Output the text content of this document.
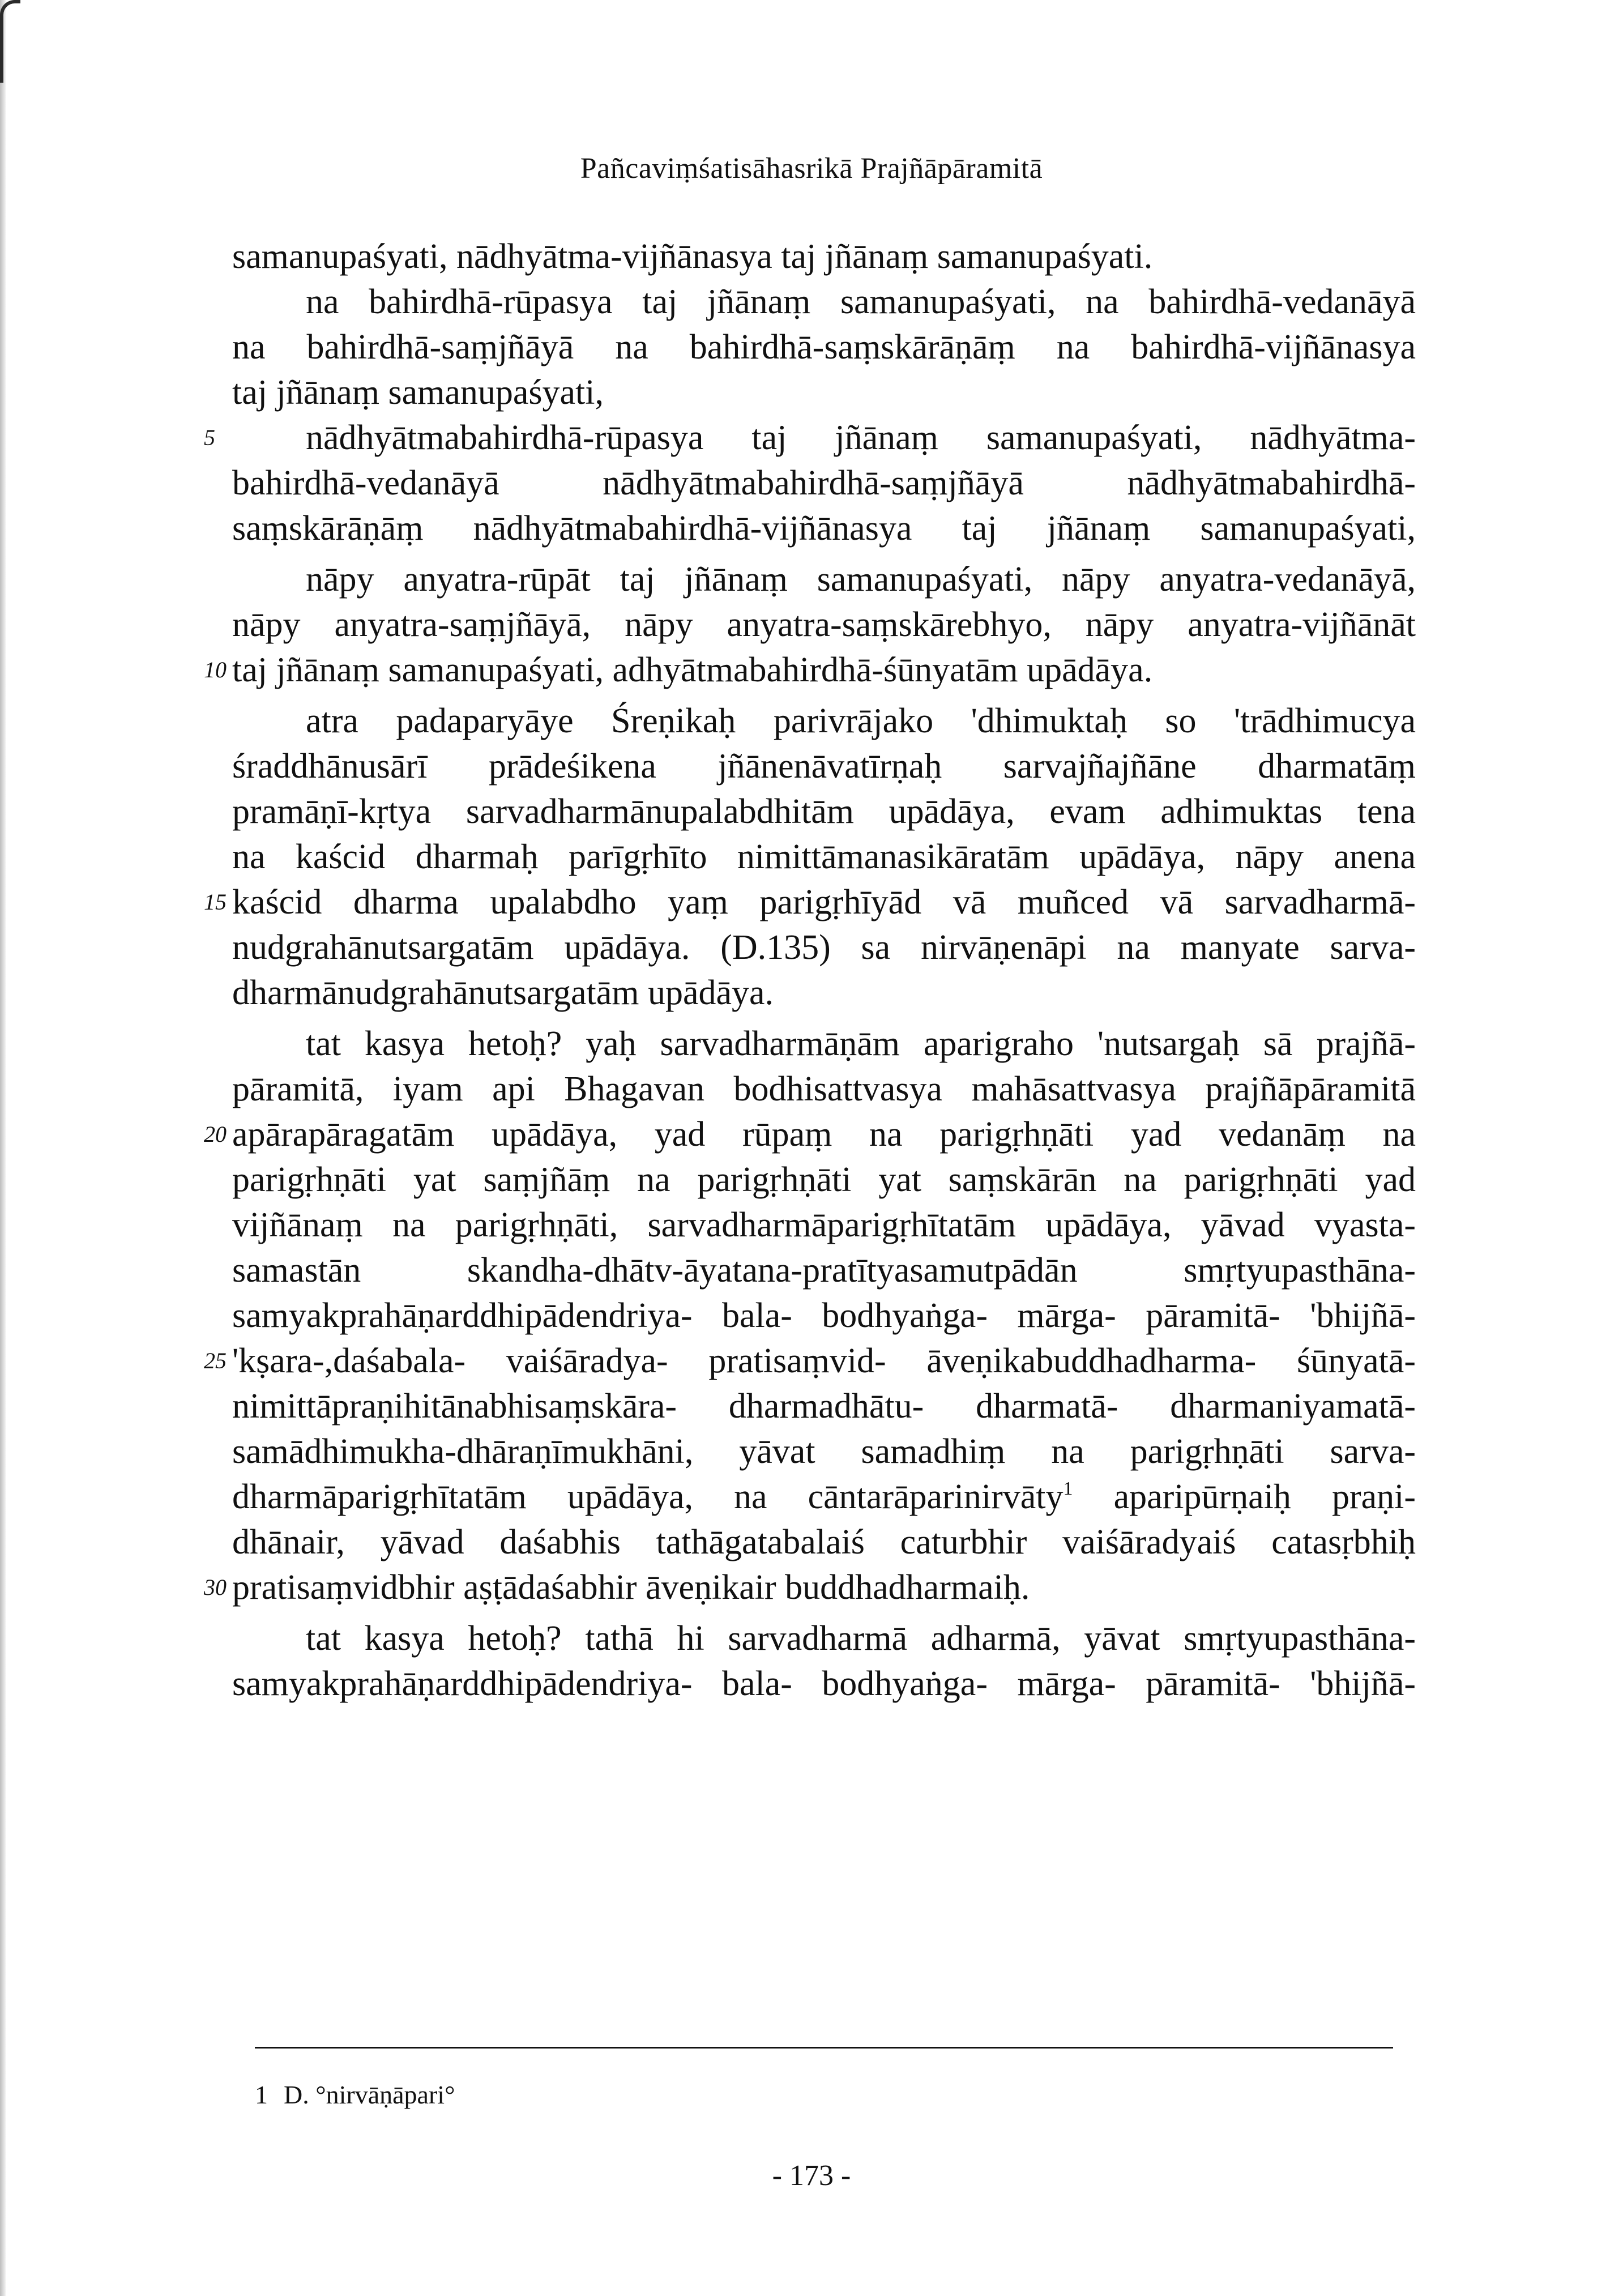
Pañcaviṃśatisāhasrikā Prajñāpāramitā
samanupaśyati, nādhyātma-vijñānasya taj jñānaṃ samanupaśyati.
na bahirdhā-rūpasya taj jñānaṃ samanupaśyati, na bahirdhā-vedanāyā
na bahirdhā-saṃjñāyā na bahirdhā-saṃskārāṇāṃ na bahirdhā-vijñānasya
taj jñānaṃ samanupaśyati,
nādhyātmabahirdhā-rūpasya taj jñānaṃ samanupaśyati, nādhyātma-
bahirdhā-vedanāyā nādhyātmabahirdhā-saṃjñāyā nādhyātmabahirdhā-
saṃskārāṇāṃ nādhyātmabahirdhā-vijñānasya taj jñānaṃ samanupaśyati,
nāpy anyatra-rūpāt taj jñānaṃ samanupaśyati, nāpy anyatra-vedanāyā,
nāpy anyatra-saṃjñāyā, nāpy anyatra-saṃskārebhyo, nāpy anyatra-vijñānāt
taj jñānaṃ samanupaśyati, adhyātmabahirdhā-śūnyatām upādāya.
atra padaparyāye Śreṇikaḥ parivrājako 'dhimuktaḥ so 'trādhimucya
śraddhānusārī prādeśikena jñānenāvatīrṇaḥ sarvajñajñāne dharmatāṃ
pramāṇī-kṛtya sarvadharmānupalabdhitām upādāya, evam adhimuktas tena
na kaścid dharmaḥ parīgṛhīto nimittāmanasikāratām upādāya, nāpy anena
kaścid dharma upalabdho yaṃ parigṛhīyād vā muñced vā sarvadharmā-
nudgrahānutsargatām upādāya. (D.135) sa nirvāṇenāpi na manyate sarva-
dharmānudgrahānutsargatām upādāya.
tat kasya hetoḥ? yaḥ sarvadharmāṇām aparigraho 'nutsargaḥ sā prajñā-
pāramitā, iyam api Bhagavan bodhisattvasya mahāsattvasya prajñāpāramitā
apārapāragatām upādāya, yad rūpaṃ na parigṛhṇāti yad vedanāṃ na
parigṛhṇāti yat saṃjñāṃ na parigṛhṇāti yat saṃskārān na parigṛhṇāti yad
vijñānaṃ na parigṛhṇāti, sarvadharmāparigṛhītatām upādāya, yāvad vyasta-
samastān skandha-dhātv-āyatana-pratītyasamutpādān smṛtyupasthāna-
samyakprahāṇarddhipādendriya- bala- bodhyaṅga- mārga- pāramitā- 'bhijñā-
'kṣara-,daśabala- vaiśāradya- pratisaṃvid- āveṇikabuddhadharma- śūnyatā-
nimittāpraṇihitānabhisaṃskāra- dharmadhātu- dharmatā- dharmaniyamatā-
samādhimukha-dhāraṇīmukhāni, yāvat samadhiṃ na parigṛhṇāti sarva-
dharmāparigṛhītatām upādāya, na cāntarāparinirvāty$^1$ aparipūrṇaiḥ praṇi-
dhānair, yāvad daśabhis tathāgatabalaiś caturbhir vaiśāradyaiś catasṛbhiḥ
pratisaṃvidbhir aṣṭādaśabhir āveṇikair buddhadharmaiḥ.
tat kasya hetoḥ? tathā hi sarvadharmā adharmā, yāvat smṛtyupasthāna-
samyakprahāṇarddhipādendriya- bala- bodhyaṅga- mārga- pāramitā- 'bhijñā-
5
10
15
20
25
30
1 D. °nirvāṇāpari°
- 173 -
